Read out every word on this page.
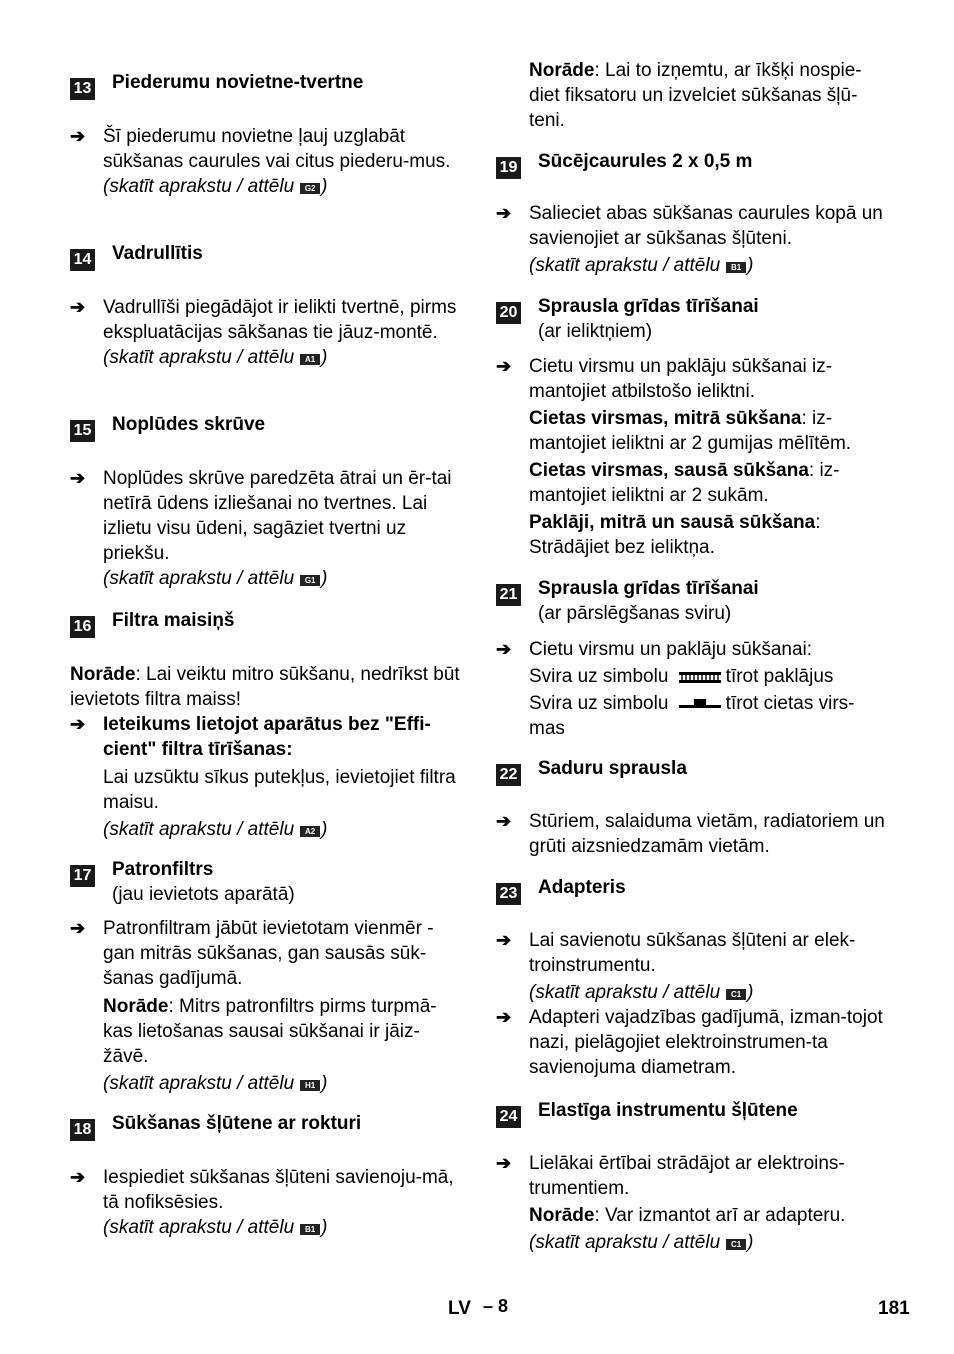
13 Piederumu novietne-tvertne
➔ Šī piederumu novietne ļauj uzglabāt sūkšanas caurules vai citus piederu-mus.
(skatīt aprakstu / attēlu G2 )
14 Vadrullītis
➔ Vadrullīši piegādājot ir ielikti tvertnē, pirms ekspluatācijas sākšanas tie jāuz-montē.
(skatīt aprakstu / attēlu A1 )
15 Noplūdes skrūve
➔ Noplūdes skrūve paredzēta ātrai un ēr-tai netīrā ūdens izliešanai no tvertnes. Lai izlietu visu ūdeni, sagāziet tvertni uz priekšu.
(skatīt aprakstu / attēlu G1 )
16 Filtra maisiņš
Norāde: Lai veiktu mitro sūkšanu, nedrīkst būt ievietots filtra maiss!
➔ Ieteikums lietojot aparātus bez "Effi-cient" filtra tīrīšanas:
Lai uzsūktu sīkus putekļus, ievietojiet filtra maisu.
(skatīt aprakstu / attēlu A2 )
17 Patronfiltrs
(jau ievietots aparātā)
➔ Patronfiltram jābūt ievietotam vienmēr - gan mitrās sūkšanas, gan sausās sūk-šanas gadījumā.
Norāde: Mitrs patronfiltrs pirms turpmā-kas lietošanas sausai sūkšanai ir jāiz-žāvē.
(skatīt aprakstu / attēlu H1 )
18 Sūkšanas šļūtene ar rokturi
➔ Iespiediet sūkšanas šļūteni savienoju-mā, tā nofiksēsies.
(skatīt aprakstu / attēlu B1 )
Norāde: Lai to izņemtu, ar īkšķi nospie-diet fiksatoru un izvelciet sūkšanas šļū-teni.
19 Sūcējcaurules 2 x 0,5 m
➔ Salieciet abas sūkšanas caurules kopā un savienojiet ar sūkšanas šļūteni.
(skatīt aprakstu / attēlu B1 )
20 Sprausla grīdas tīrīšanai
(ar ieliktņiem)
➔ Cietu virsmu un paklāju sūkšanai iz-mantojiet atbilstošo ieliktni.
Cietas virsmas, mitrā sūkšana: iz-mantojiet ieliktni ar 2 gumijas mēlītēm.
Cietas virsmas, sausā sūkšana: iz-mantojiet ieliktni ar 2 sukām.
Paklāji, mitrā un sausā sūkšana:
Strādājiet bez ieliktņa.
21 Sprausla grīdas tīrīšanai
(ar pārslēgšanas sviru)
➔ Cietu virsmu un paklāju sūkšanai:
Svira uz simbolu	tīrot paklājus
Svira uz simbolu	tīrot cietas virs-
mas
22 Saduru sprausla
➔ Stūriem, salaiduma vietām, radiatoriem un grūti aizsniedzamām vietām.
23 Adapteris
➔ Lai savienotu sūkšanas šļūteni ar elek-troinstrumentu.
(skatīt aprakstu / attēlu C1 )
➔ Adapteri vajadzības gadījumā, izman-tojot nazi, pielāgojiet elektroinstrumen-ta savienojuma diametram.
24 Elastīga instrumentu šļūtene
➔ Lielākai ērtībai strādājot ar elektroins-trumentiem.
Norāde: Var izmantot arī ar adapteru.
(skatīt aprakstu / attēlu C1 )
LV – 8	181
